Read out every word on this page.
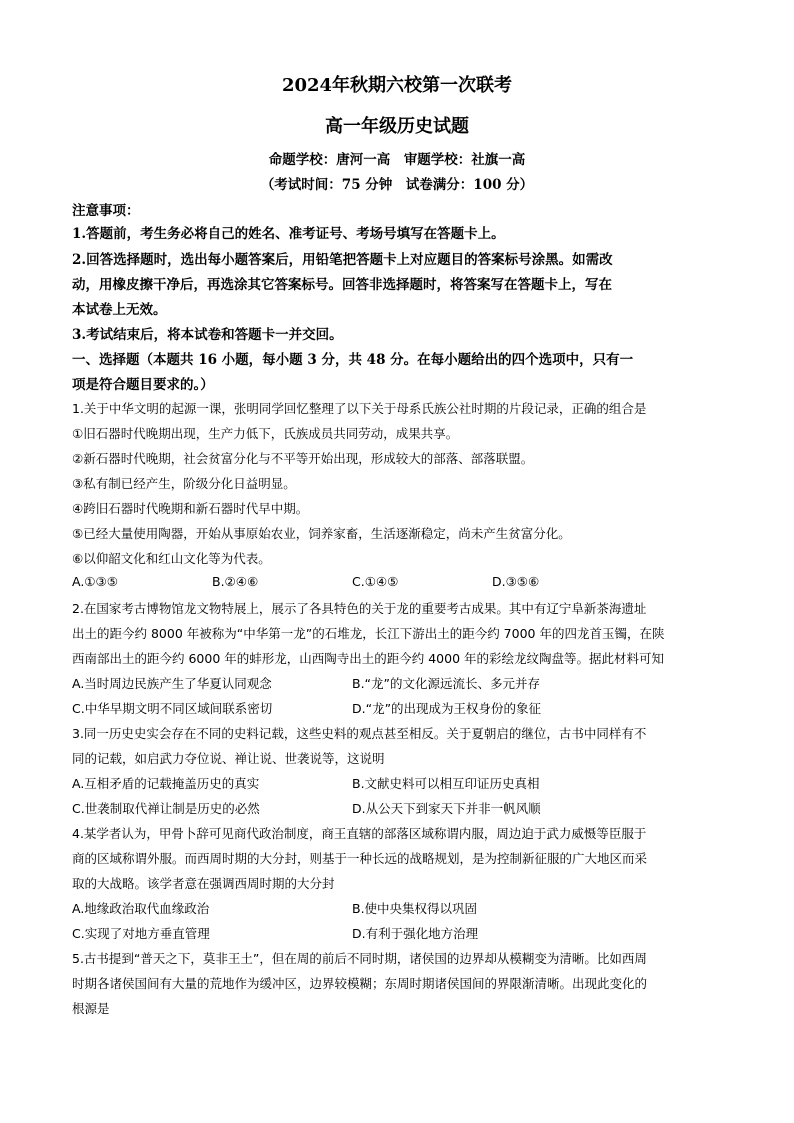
2024年秋期六校第一次联考
高一年级历史试题
命题学校：唐河一高　审题学校：社旗一高
（考试时间：75 分钟　试卷满分：100 分）
注意事项：
1.答题前，考生务必将自己的姓名、准考证号、考场号填写在答题卡上。
2.回答选择题时，选出每小题答案后，用铅笔把答题卡上对应题目的答案标号涂黑。如需改
动，用橡皮擦干净后，再选涂其它答案标号。回答非选择题时，将答案写在答题卡上，写在
本试卷上无效。
3.考试结束后，将本试卷和答题卡一并交回。
一、选择题（本题共 16 小题，每小题 3 分，共 48 分。在每小题给出的四个选项中，只有一
项是符合题目要求的。）
1.关于中华文明的起源一课，张明同学回忆整理了以下关于母系氏族公社时期的片段记录，正确的组合是
①旧石器时代晚期出现，生产力低下，氏族成员共同劳动，成果共享。
②新石器时代晚期，社会贫富分化与不平等开始出现，形成较大的部落、部落联盟。
③私有制已经产生，阶级分化日益明显。
④跨旧石器时代晚期和新石器时代早中期。
⑤已经大量使用陶器，开始从事原始农业，饲养家畜，生活逐渐稳定，尚未产生贫富分化。
⑥以仰韶文化和红山文化等为代表。
A.①③⑤	B.②④⑥	C.①④⑤	D.③⑤⑥
2.在国家考古博物馆龙文物特展上，展示了各具特色的关于龙的重要考古成果。其中有辽宁阜新茶海遗址
出土的距今约 8000 年被称为“中华第一龙”的石堆龙，长江下游出土的距今约 7000 年的四龙首玉镯，在陕
西南部出土的距今约 6000 年的蚌形龙，山西陶寺出土的距今约 4000 年的彩绘龙纹陶盘等。据此材料可知
A.当时周边民族产生了华夏认同观念	B.“龙”的文化源远流长、多元并存
C.中华早期文明不同区域间联系密切	D.“龙”的出现成为王权身份的象征
3.同一历史史实会存在不同的史料记载，这些史料的观点甚至相反。关于夏朝启的继位，古书中同样有不
同的记载，如启武力夺位说、禅让说、世袭说等，这说明
A.互相矛盾的记载掩盖历史的真实	B.文献史料可以相互印证历史真相
C.世袭制取代禅让制是历史的必然	D.从公天下到家天下并非一帆风顺
4.某学者认为，甲骨卜辞可见商代政治制度，商王直辖的部落区域称谓内服，周边迫于武力威慑等臣服于
商的区域称谓外服。而西周时期的大分封，则基于一种长远的战略规划，是为控制新征服的广大地区而采
取的大战略。该学者意在强调西周时期的大分封
A.地缘政治取代血缘政治	B.使中央集权得以巩固
C.实现了对地方垂直管理	D.有利于强化地方治理
5.古书提到“普天之下，莫非王土”，但在周的前后不同时期，诸侯国的边界却从模糊变为清晰。比如西周
时期各诸侯国间有大量的荒地作为缓冲区，边界较模糊；东周时期诸侯国间的界限渐清晰。出现此变化的
根源是
